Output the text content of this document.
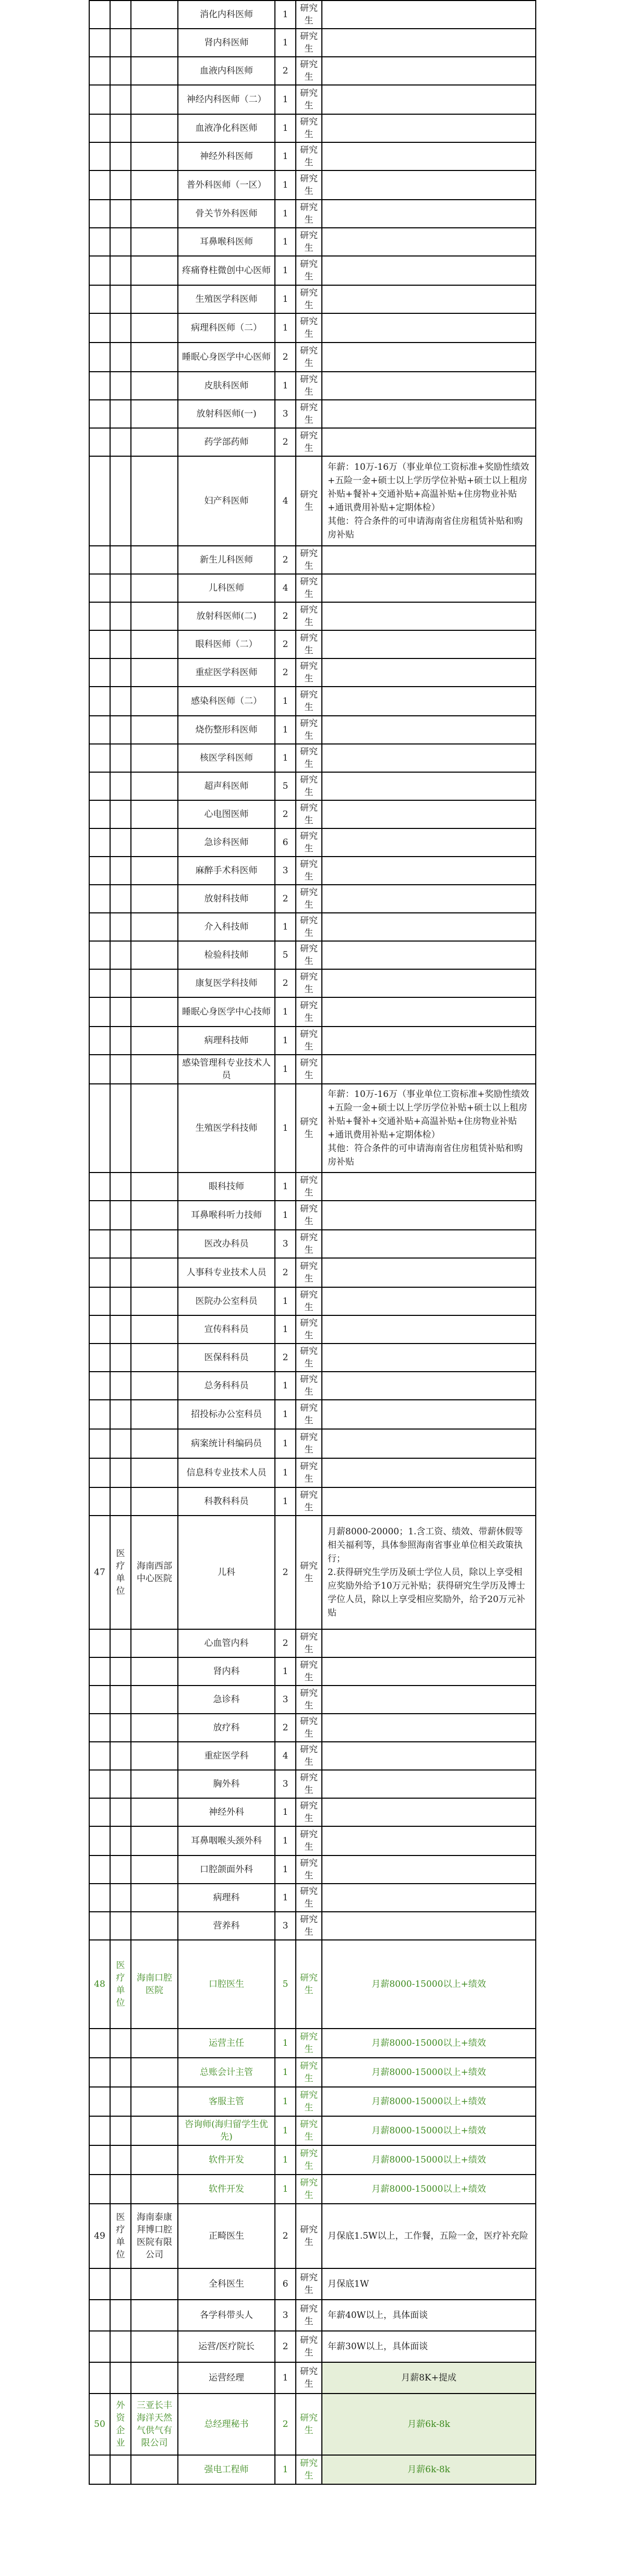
			消化内科医师	1	研究生	
			肾内科医师	1	研究生	
			血液内科医师	2	研究生	
			神经内科医师（二）	1	研究生	
			血液净化科医师	1	研究生	
			神经外科医师	1	研究生	
			普外科医师（一区）	1	研究生	
			骨关节外科医师	1	研究生	
			耳鼻喉科医师	1	研究生	
			疼痛脊柱微创中心医师	1	研究生	
			生殖医学科医师	1	研究生	
			病理科医师（二）	1	研究生	
			睡眠心身医学中心医师	2	研究生	
			皮肤科医师	1	研究生	
			放射科医师(一)	3	研究生	
			药学部药师	2	研究生	
			妇产科医师	4	研究生	年薪：10万-16万（事业单位工资标准+奖励性绩效+五险一金+硕士以上学历学位补贴+硕士以上租房补贴+餐补+交通补贴+高温补贴+住房物业补贴+通讯费用补贴+定期体检）
其他：符合条件的可申请海南省住房租赁补贴和购房补贴
			新生儿科医师	2	研究生	
			儿科医师	4	研究生	
			放射科医师(二)	2	研究生	
			眼科医师（二）	2	研究生	
			重症医学科医师	2	研究生	
			感染科医师（二）	1	研究生	
			烧伤整形科医师	1	研究生	
			核医学科医师	1	研究生	
			超声科医师	5	研究生	
			心电图医师	2	研究生	
			急诊科医师	6	研究生	
			麻醉手术科医师	3	研究生	
			放射科技师	2	研究生	
			介入科技师	1	研究生	
			检验科技师	5	研究生	
			康复医学科技师	2	研究生	
			睡眠心身医学中心技师	1	研究生	
			病理科技师	1	研究生	
			感染管理科专业技术人员	1	研究生	
			生殖医学科技师	1	研究生	年薪：10万-16万（事业单位工资标准+奖励性绩效+五险一金+硕士以上学历学位补贴+硕士以上租房补贴+餐补+交通补贴+高温补贴+住房物业补贴+通讯费用补贴+定期体检）
其他：符合条件的可申请海南省住房租赁补贴和购房补贴
			眼科技师	1	研究生	
			耳鼻喉科听力技师	1	研究生	
			医改办科员	3	研究生	
			人事科专业技术人员	2	研究生	
			医院办公室科员	1	研究生	
			宣传科科员	1	研究生	
			医保科科员	2	研究生	
			总务科科员	1	研究生	
			招投标办公室科员	1	研究生	
			病案统计科编码员	1	研究生	
			信息科专业技术人员	1	研究生	
			科教科科员	1	研究生	
47	医疗单位	海南西部中心医院	儿科	2	研究生	月薪8000-20000；1.含工资、绩效、带薪休假等相关福利等，具体参照海南省事业单位相关政策执行；
2.获得研究生学历及硕士学位人员，除以上享受相应奖励外给予10万元补贴；获得研究生学历及博士学位人员，除以上享受相应奖励外，给予20万元补贴
			心血管内科	2	研究生	
			肾内科	1	研究生	
			急诊科	3	研究生	
			放疗科	2	研究生	
			重症医学科	4	研究生	
			胸外科	3	研究生	
			神经外科	1	研究生	
			耳鼻咽喉头颈外科	1	研究生	
			口腔颌面外科	1	研究生	
			病理科	1	研究生	
			营养科	3	研究生	
48	医疗单位	海南口腔医院	口腔医生	5	研究生	月薪8000-15000以上+绩效
			运营主任	1	研究生	月薪8000-15000以上+绩效
			总账会计主管	1	研究生	月薪8000-15000以上+绩效
			客服主管	1	研究生	月薪8000-15000以上+绩效
			咨询师(海归留学生优先)	1	研究生	月薪8000-15000以上+绩效
			软件开发	1	研究生	月薪8000-15000以上+绩效
			软件开发	1	研究生	月薪8000-15000以上+绩效
49	医疗单位	海南泰康拜博口腔医院有限公司	正畸医生	2	研究生	月保底1.5W以上，工作餐，五险一金，医疗补充险
			全科医生	6	研究生	月保底1W
			各学科带头人	3	研究生	年薪40W以上，具体面谈
			运营/医疗院长	2	研究生	年薪30W以上，具体面谈
			运营经理	1	研究生	月薪8K+提成
50	外资企业	三亚长丰海洋天然气供气有限公司	总经理秘书	2	研究生	月薪6k-8k
			强电工程师	1	研究生	月薪6k-8k
